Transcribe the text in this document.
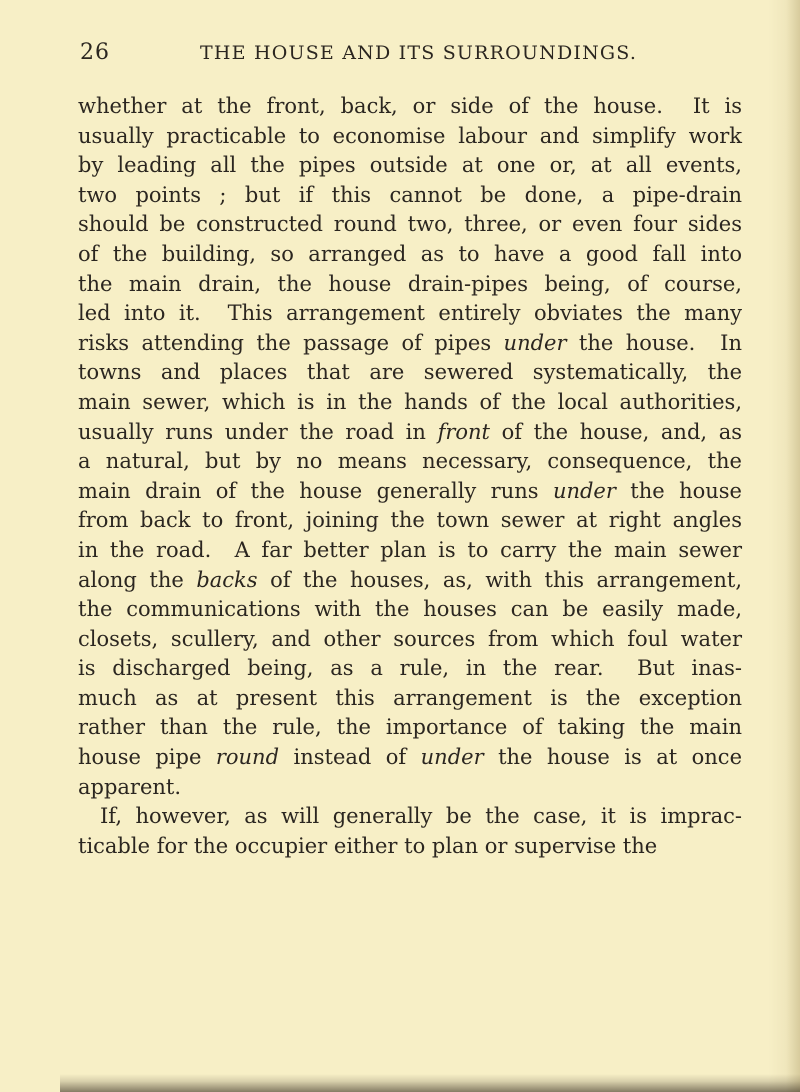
26	THE HOUSE AND ITS SURROUNDINGS.
whether at the front, back, or side of the house.  It is
usually practicable to economise labour and simplify work
by leading all the pipes outside at one or, at all events,
two points ; but if this cannot be done, a pipe-drain
should be constructed round two, three, or even four sides
of the building, so arranged as to have a good fall into
the main drain, the house drain-pipes being, of course,
led into it.  This arrangement entirely obviates the many
risks attending the passage of pipes under the house.  In
towns and places that are sewered systematically, the
main sewer, which is in the hands of the local authorities,
usually runs under the road in front of the house, and, as
a natural, but by no means necessary, consequence, the
main drain of the house generally runs under the house
from back to front, joining the town sewer at right angles
in the road.  A far better plan is to carry the main sewer
along the backs of the houses, as, with this arrangement,
the communications with the houses can be easily made,
closets, scullery, and other sources from which foul water
is discharged being, as a rule, in the rear.  But inas-
much as at present this arrangement is the exception
rather than the rule, the importance of taking the main
house pipe round instead of under the house is at once
apparent.
If, however, as will generally be the case, it is imprac-
ticable for the occupier either to plan or supervise the
